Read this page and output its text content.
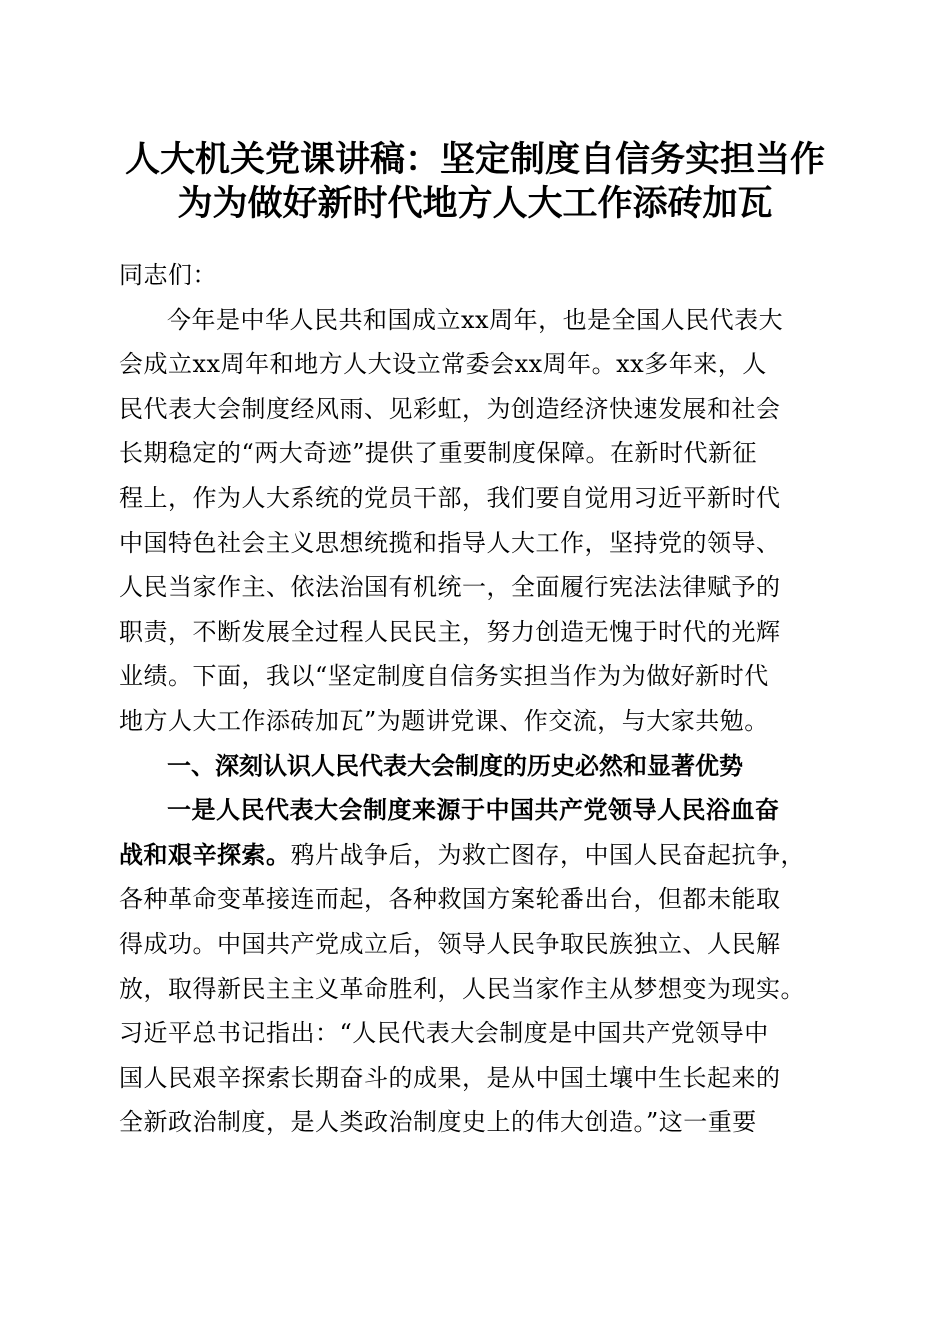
人大机关党课讲稿：坚定制度自信务实担当作
为为做好新时代地方人大工作添砖加瓦
同志们：
今年是中华人民共和国成立xx周年，也是全国人民代表大
会成立xx周年和地方人大设立常委会xx周年。xx多年来，人
民代表大会制度经风雨、见彩虹，为创造经济快速发展和社会
长期稳定的“两大奇迹”提供了重要制度保障。在新时代新征
程上，作为人大系统的党员干部，我们要自觉用习近平新时代
中国特色社会主义思想统揽和指导人大工作，坚持党的领导、
人民当家作主、依法治国有机统一，全面履行宪法法律赋予的
职责，不断发展全过程人民民主，努力创造无愧于时代的光辉
业绩。下面，我以“坚定制度自信务实担当作为为做好新时代
地方人大工作添砖加瓦”为题讲党课、作交流，与大家共勉。
一、深刻认识人民代表大会制度的历史必然和显著优势
一是人民代表大会制度来源于中国共产党领导人民浴血奋
战和艰辛探索。鸦片战争后，为救亡图存，中国人民奋起抗争，
各种革命变革接连而起，各种救国方案轮番出台，但都未能取
得成功。中国共产党成立后，领导人民争取民族独立、人民解
放，取得新民主主义革命胜利，人民当家作主从梦想变为现实。
习近平总书记指出：“人民代表大会制度是中国共产党领导中
国人民艰辛探索长期奋斗的成果，是从中国土壤中生长起来的
全新政治制度，是人类政治制度史上的伟大创造。”这一重要
